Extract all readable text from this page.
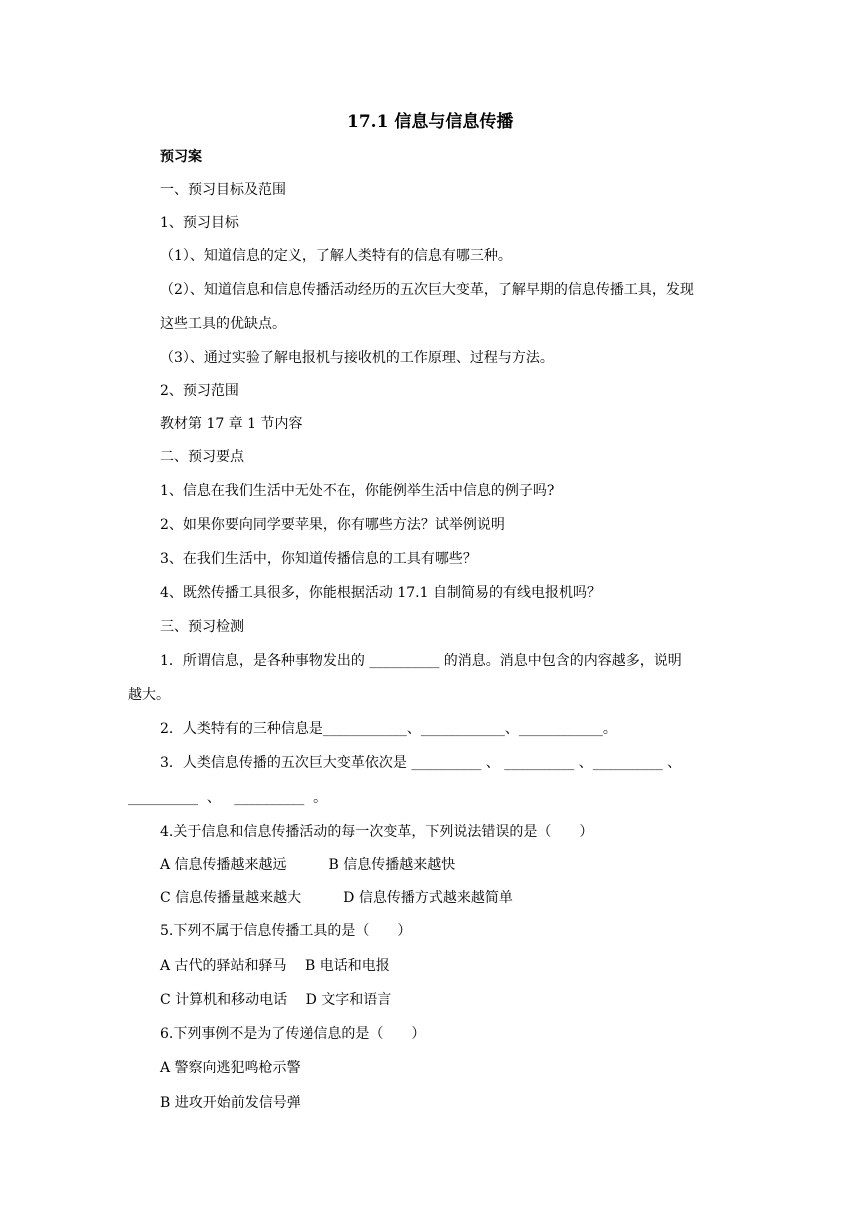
17.1 信息与信息传播
预习案
一、预习目标及范围
1、预习目标
（1）、知道信息的定义，了解人类特有的信息有哪三种。
（2）、知道信息和信息传播活动经历的五次巨大变革，了解早期的信息传播工具，发现
这些工具的优缺点。
（3）、通过实验了解电报机与接收机的工作原理、过程与方法。
2、预习范围
教材第 17 章 1 节内容
二、预习要点
1、信息在我们生活中无处不在，你能例举生活中信息的例子吗?
2、如果你要向同学要苹果，你有哪些方法？试举例说明
3、在我们生活中，你知道传播信息的工具有哪些？
4、既然传播工具很多，你能根据活动 17.1 自制简易的有线电报机吗？
三、预习检测
1．所谓信息，是各种事物发出的 __________ 的消息。消息中包含的内容越多，说明
越大。
2．人类特有的三种信息是____________、____________、____________。
3．人类信息传播的五次巨大变革依次是 __________ 、 __________ 、__________ 、
__________  、   __________  。
4.关于信息和信息传播活动的每一次变革，下列说法错误的是（　　）
A 信息传播越来越远　　　B 信息传播越来越快
C 信息传播量越来越大　　　D 信息传播方式越来越简单
5.下列不属于信息传播工具的是（　　）
A 古代的驿站和驿马　 B 电话和电报
C 计算机和移动电话　 D 文字和语言
6.下列事例不是为了传递信息的是（　　）
A 警察向逃犯鸣枪示警
B 进攻开始前发信号弹
